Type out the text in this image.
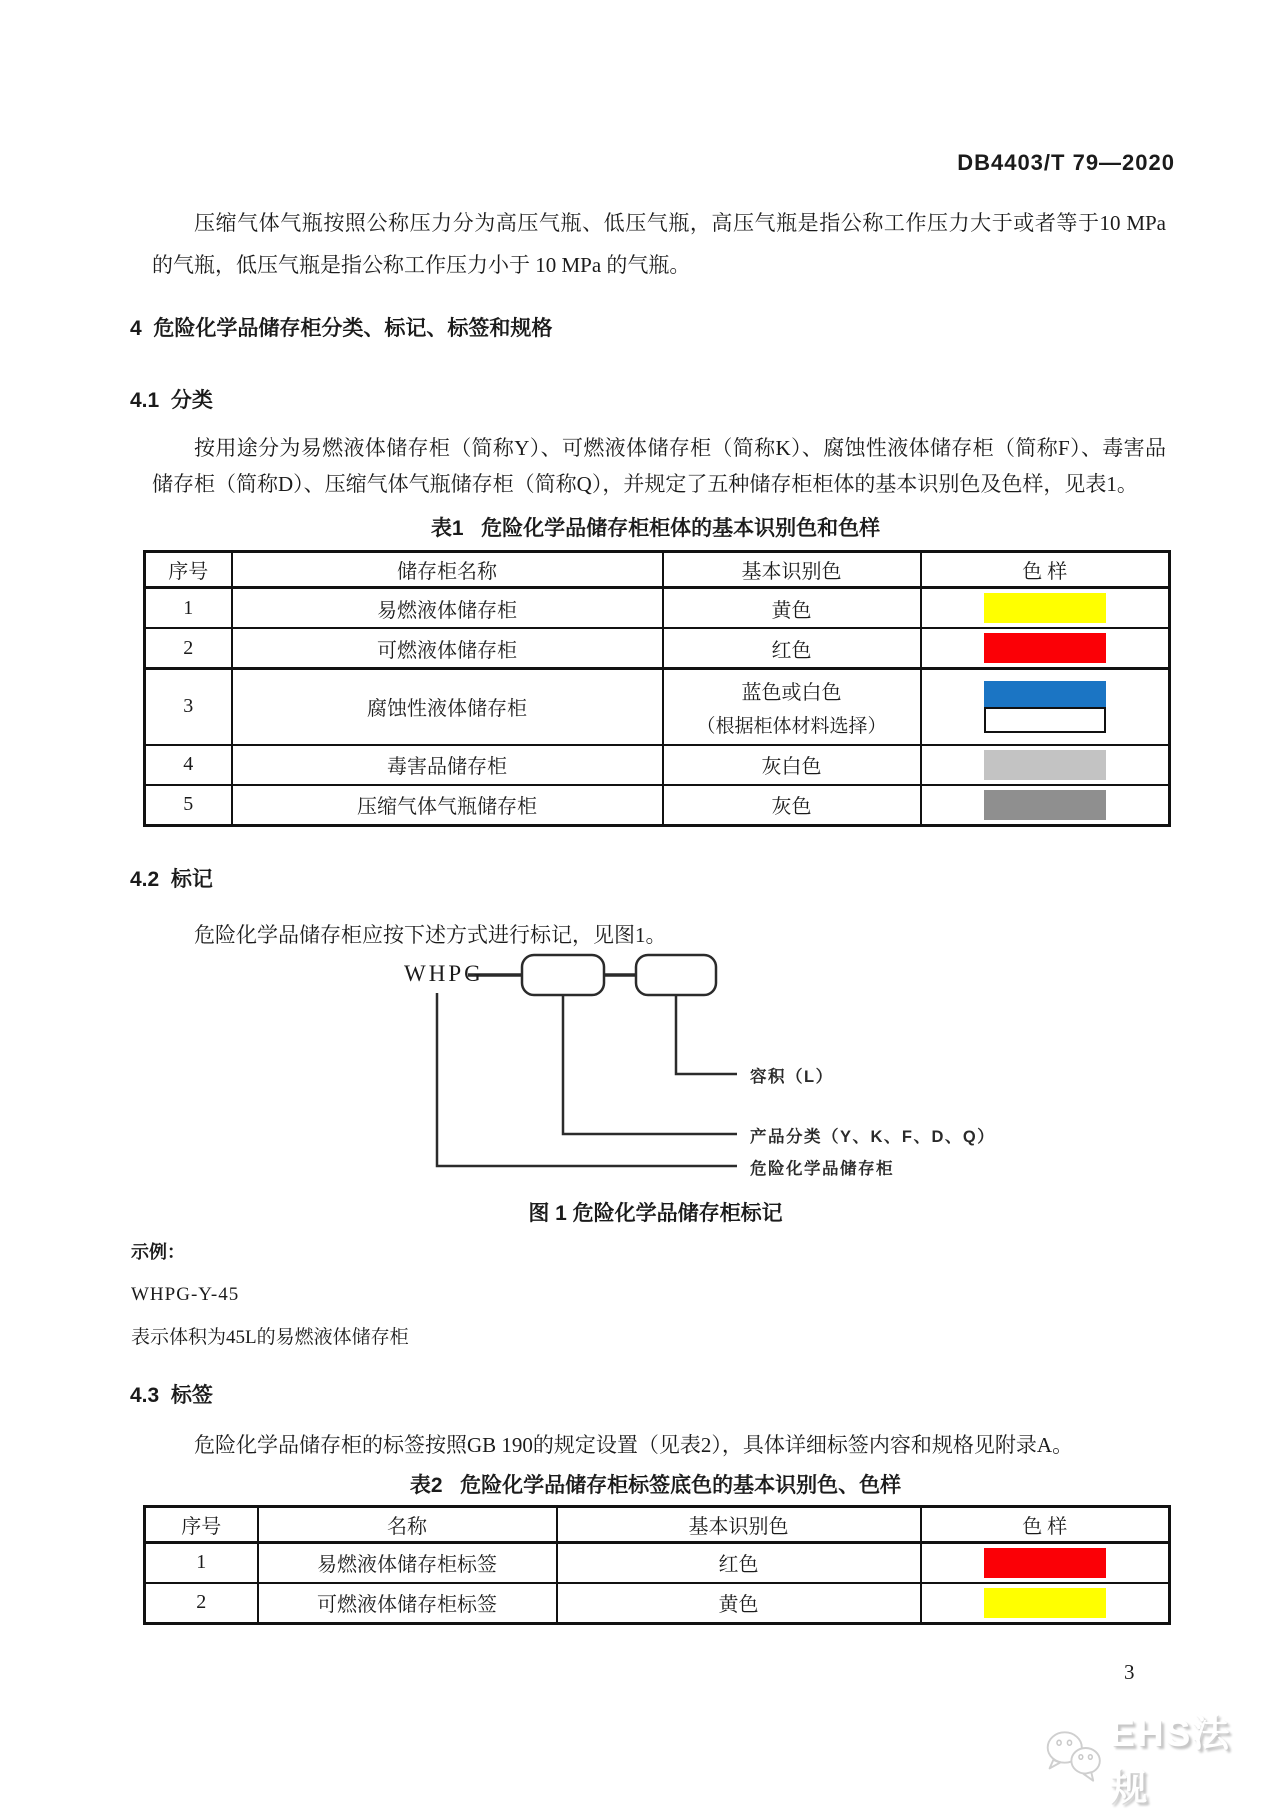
DB4403/T 79—2020

压缩气体气瓶按照公称压力分为高压气瓶、低压气瓶，高压气瓶是指公称工作压力大于或者等于10 MPa 的气瓶，低压气瓶是指公称工作压力小于 10 MPa 的气瓶。

4  危险化学品储存柜分类、标记、标签和规格
4.1  分类

按用途分为易燃液体储存柜（简称Y）、可燃液体储存柜（简称K）、腐蚀性液体储存柜（简称F）、毒害品储存柜（简称D）、压缩气体气瓶储存柜（简称Q），并规定了五种储存柜柜体的基本识别色及色样，见表1。

表1   危险化学品储存柜柜体的基本识别色和色样
序号	储存柜名称	基本识别色	色 样
1	易燃液体储存柜	黄色	

2	可燃液体储存柜	红色	

3	腐蚀性液体储存柜	蓝色或白色
（根据柜体材料选择）	

4	毒害品储存柜	灰白色	

5	压缩气体气瓶储存柜	灰色	
4.2  标记

危险化学品储存柜应按下述方式进行标记，见图1。

WHPG
容积（L）
产品分类（Y、K、F、D、Q）
危险化学品储存柜
图 1 危险化学品储存柜标记
示例：
WHPG-Y-45
表示体积为45L的易燃液体储存柜
4.3  标签

危险化学品储存柜的标签按照GB 190的规定设置（见表2），具体详细标签内容和规格见附录A。

表2   危险化学品储存柜标签底色的基本识别色、色样
序号	名称	基本识别色	色 样
1	易燃液体储存柜标签	红色	

2	可燃液体储存柜标签	黄色	
3
EHS法规
